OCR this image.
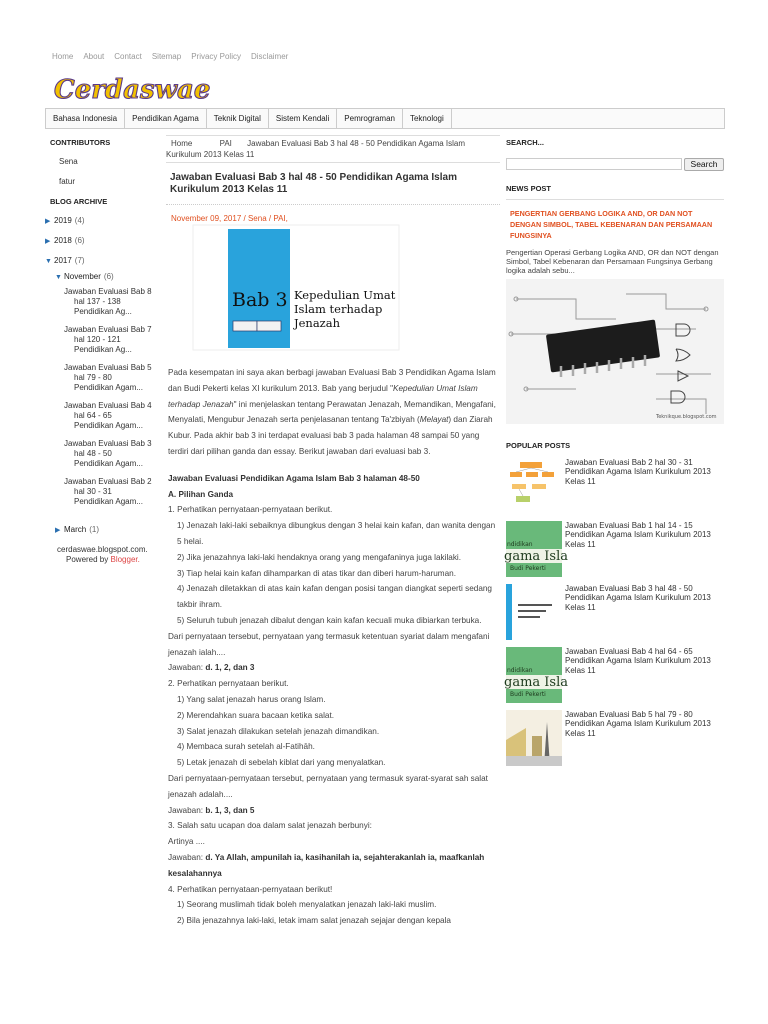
Home About Contact Sitemap Privacy Policy Disclaimer
Cerdaswae
Bahasa Indonesia	Pendidikan Agama	Teknik Digital	Sistem Kendali	Pemrograman	Teknologi
CONTRIBUTORS
Sena
fatur
BLOG ARCHIVE
▶ 2019 (4)
▶ 2018 (6)
▼ 2017 (7)
▼ November (6)
Jawaban Evaluasi Bab 8
hal 137 - 138
Pendidikan Ag...
Jawaban Evaluasi Bab 7
hal 120 - 121
Pendidikan Ag...
Jawaban Evaluasi Bab 5
hal 79 - 80
Pendidikan Agam...
Jawaban Evaluasi Bab 4
hal 64 - 65
Pendidikan Agam...
Jawaban Evaluasi Bab 3
hal 48 - 50
Pendidikan Agam...
Jawaban Evaluasi Bab 2
hal 30 - 31
Pendidikan Agam...
▶ March (1)
cerdaswae.blogspot.com.
Powered by Blogger.
Home	PAI Jawaban Evaluasi Bab 3 hal 48 - 50 Pendidikan Agama Islam Kurikulum 2013 Kelas 11
Jawaban Evaluasi Bab 3 hal 48 - 50 Pendidikan Agama Islam Kurikulum 2013 Kelas 11
November 09, 2017 / Sena / PAI,
Bab 3 Kepedulian Umat
Islam terhadap
Jenazah

Pada kesempatan ini saya akan berbagi jawaban Evaluasi Bab 3 Pendidikan Agama Islam dan Budi Pekerti kelas XI kurikulum 2013. Bab yang berjudul "Kepedulian Umat Islam terhadap Jenazah" ini menjelaskan tentang Perawatan Jenazah, Memandikan, Mengafani, Menyalati, Mengubur Jenazah serta penjelasanan tentang Ta'zbiyah (Melayat) dan Ziarah Kubur. Pada akhir bab 3 ini terdapat evaluasi bab 3 pada halaman 48 sampai 50 yang terdiri dari pilihan ganda dan essay. Berikut jawaban dari evaluasi bab 3.

Jawaban Evaluasi Pendidikan Agama Islam Bab 3 halaman 48-50

A. Pilihan Ganda

1. Perhatikan pernyataan-pernyataan berikut.

1) Jenazah laki-laki sebaiknya dibungkus dengan 3 helai kain kafan, dan wanita dengan 5 helai.

2) Jika jenazahnya laki-laki hendaknya orang yang mengafaninya juga lakilaki.

3) Tiap helai kain kafan dihamparkan di atas tikar dan diberi harum-haruman.

4) Jenazah diletakkan di atas kain kafan dengan posisi tangan diangkat seperti sedang takbir ihram.

5) Seluruh tubuh jenazah dibalut dengan kain kafan kecuali muka dibiarkan terbuka.

Dari pernyataan tersebut, pernyataan yang termasuk ketentuan syariat dalam mengafani jenazah ialah....

Jawaban: d. 1, 2, dan 3

2. Perhatikan pernyataan berikut.

1) Yang salat jenazah harus orang Islam.

2) Merendahkan suara bacaan ketika salat.

3) Salat jenazah dilakukan setelah jenazah dimandikan.

4) Membaca surah setelah al-Fatihāh.

5) Letak jenazah di sebelah kiblat dari yang menyalatkan.

Dari pernyataan-pernyataan tersebut, pernyataan yang termasuk syarat-syarat sah salat jenazah adalah....

Jawaban: b. 1, 3, dan 5

3. Salah satu ucapan doa dalam salat jenazah berbunyi:

Artinya ....

Jawaban: d. Ya Allah, ampunilah ia, kasihanilah ia, sejahterakanlah ia, maafkanlah kesalahannya

4. Perhatikan pernyataan-pernyataan berikut!

1) Seorang muslimah tidak boleh menyalatkan jenazah laki-laki muslim.

2) Bila jenazahnya laki-laki, letak imam salat jenazah sejajar dengan kepala

SEARCH...
Search
NEWS POST
PENGERTIAN GERBANG LOGIKA AND, OR DAN NOT DENGAN SIMBOL, TABEL KEBENARAN DAN PERSAMAAN FUNGSINYA
Pengertian Operasi Gerbang Logika AND, OR dan NOT dengan Simbol, Tabel Kebenaran dan Persamaan Fungsinya Gerbang logika adalah sebu...
Teknikque.blogspot.com
POPULAR POSTS
Jawaban Evaluasi Bab 2 hal 30 - 31 Pendidikan Agama Islam Kurikulum 2013 Kelas 11
ndidikan
gama Isla
Budi Pekerti
Jawaban Evaluasi Bab 1 hal 14 - 15 Pendidikan Agama Islam Kurikulum 2013 Kelas 11
Jawaban Evaluasi Bab 3 hal 48 - 50 Pendidikan Agama Islam Kurikulum 2013 Kelas 11
ndidikan
gama Isla
Budi Pekerti
Jawaban Evaluasi Bab 4 hal 64 - 65 Pendidikan Agama Islam Kurikulum 2013 Kelas 11
Jawaban Evaluasi Bab 5 hal 79 - 80 Pendidikan Agama Islam Kurikulum 2013 Kelas 11
